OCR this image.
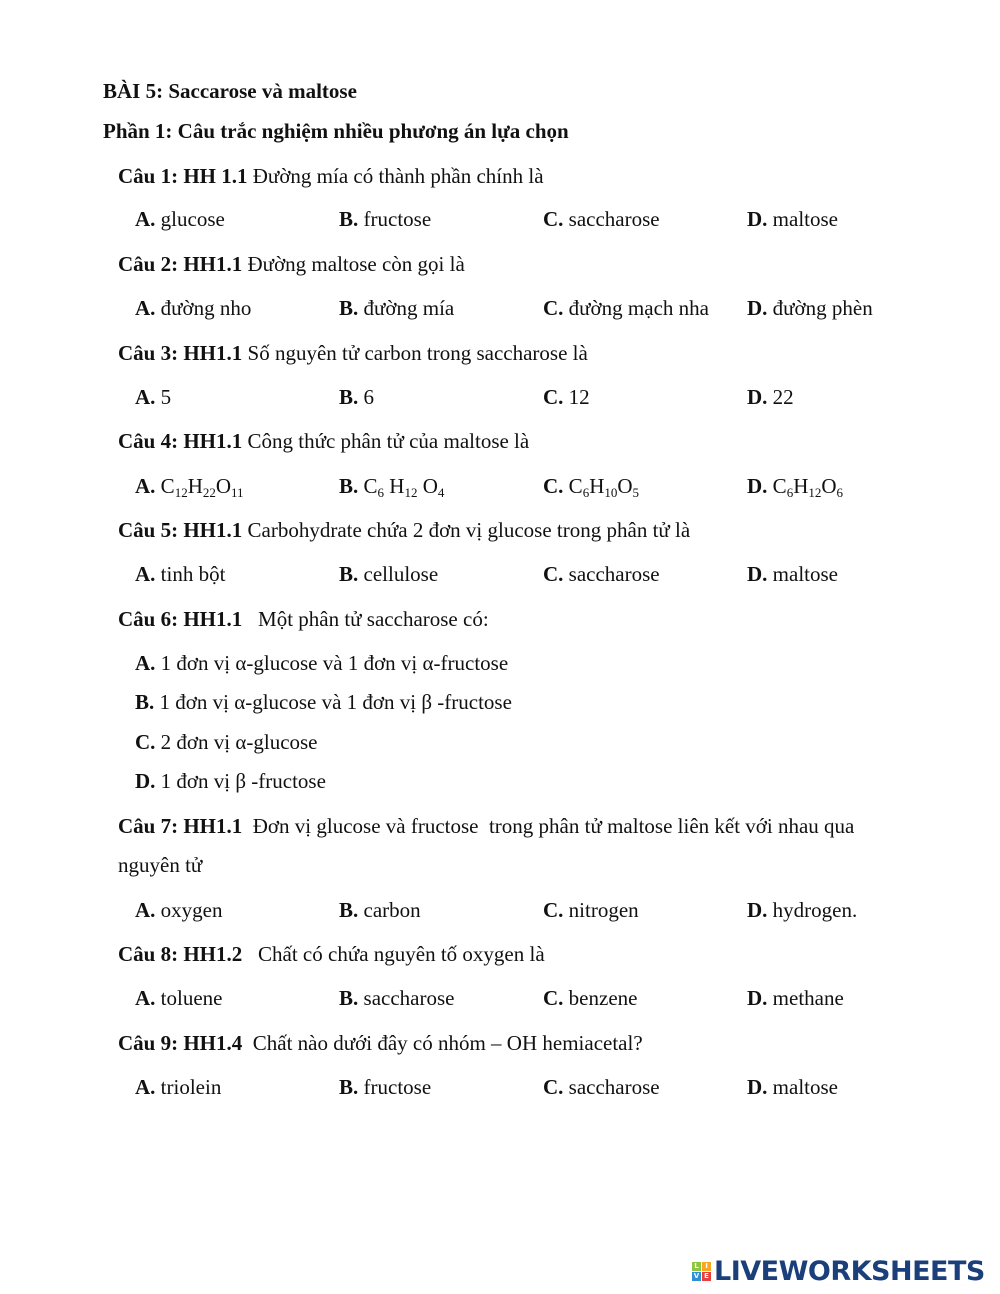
BÀI 5: Saccarose và maltose
Phần 1: Câu trắc nghiệm nhiều phương án lựa chọn
Câu 1: HH 1.1 Đường mía có thành phần chính là
A. glucose	B. fructose	C. saccharose	D. maltose
Câu 2: HH1.1 Đường maltose còn gọi là
A. đường nho	B. đường mía	C. đường mạch nha D. đường phèn
Câu 3: HH1.1 Số nguyên tử carbon trong saccharose là
A. 5	B. 6	C. 12	D. 22
Câu 4: HH1.1 Công thức phân tử của maltose là
A. $C_{12}H_{22}O_{11}$	B. $C_6$ $H_{12}$ $O_4$	C. $C_6H_{10}O_5$	D. $C_6H_{12}O_6$
Câu 5: HH1.1 Carbohydrate chứa 2 đơn vị glucose trong phân tử là
A. tinh bột	B. cellulose	C. saccharose	D. maltose
Câu 6: HH1.1   Một phân tử saccharose có:
A. 1 đơn vị α-glucose và 1 đơn vị α-fructose
B. 1 đơn vị α-glucose và 1 đơn vị β -fructose
C. 2 đơn vị α-glucose
D. 1 đơn vị β -fructose
Câu 7: HH1.1  Đơn vị glucose và fructose  trong phân tử maltose liên kết với nhau qua
nguyên tử
A. oxygen	B. carbon	C. nitrogen	D. hydrogen.
Câu 8: HH1.2   Chất có chứa nguyên tố oxygen là
A. toluene	B. saccharose	C. benzene	D. methane
Câu 9: HH1.4  Chất nào dưới đây có nhóm – OH hemiacetal?
A. triolein	B. fructose	C. saccharose	D. maltose
L I
V E LIVEWORKSHEETS
